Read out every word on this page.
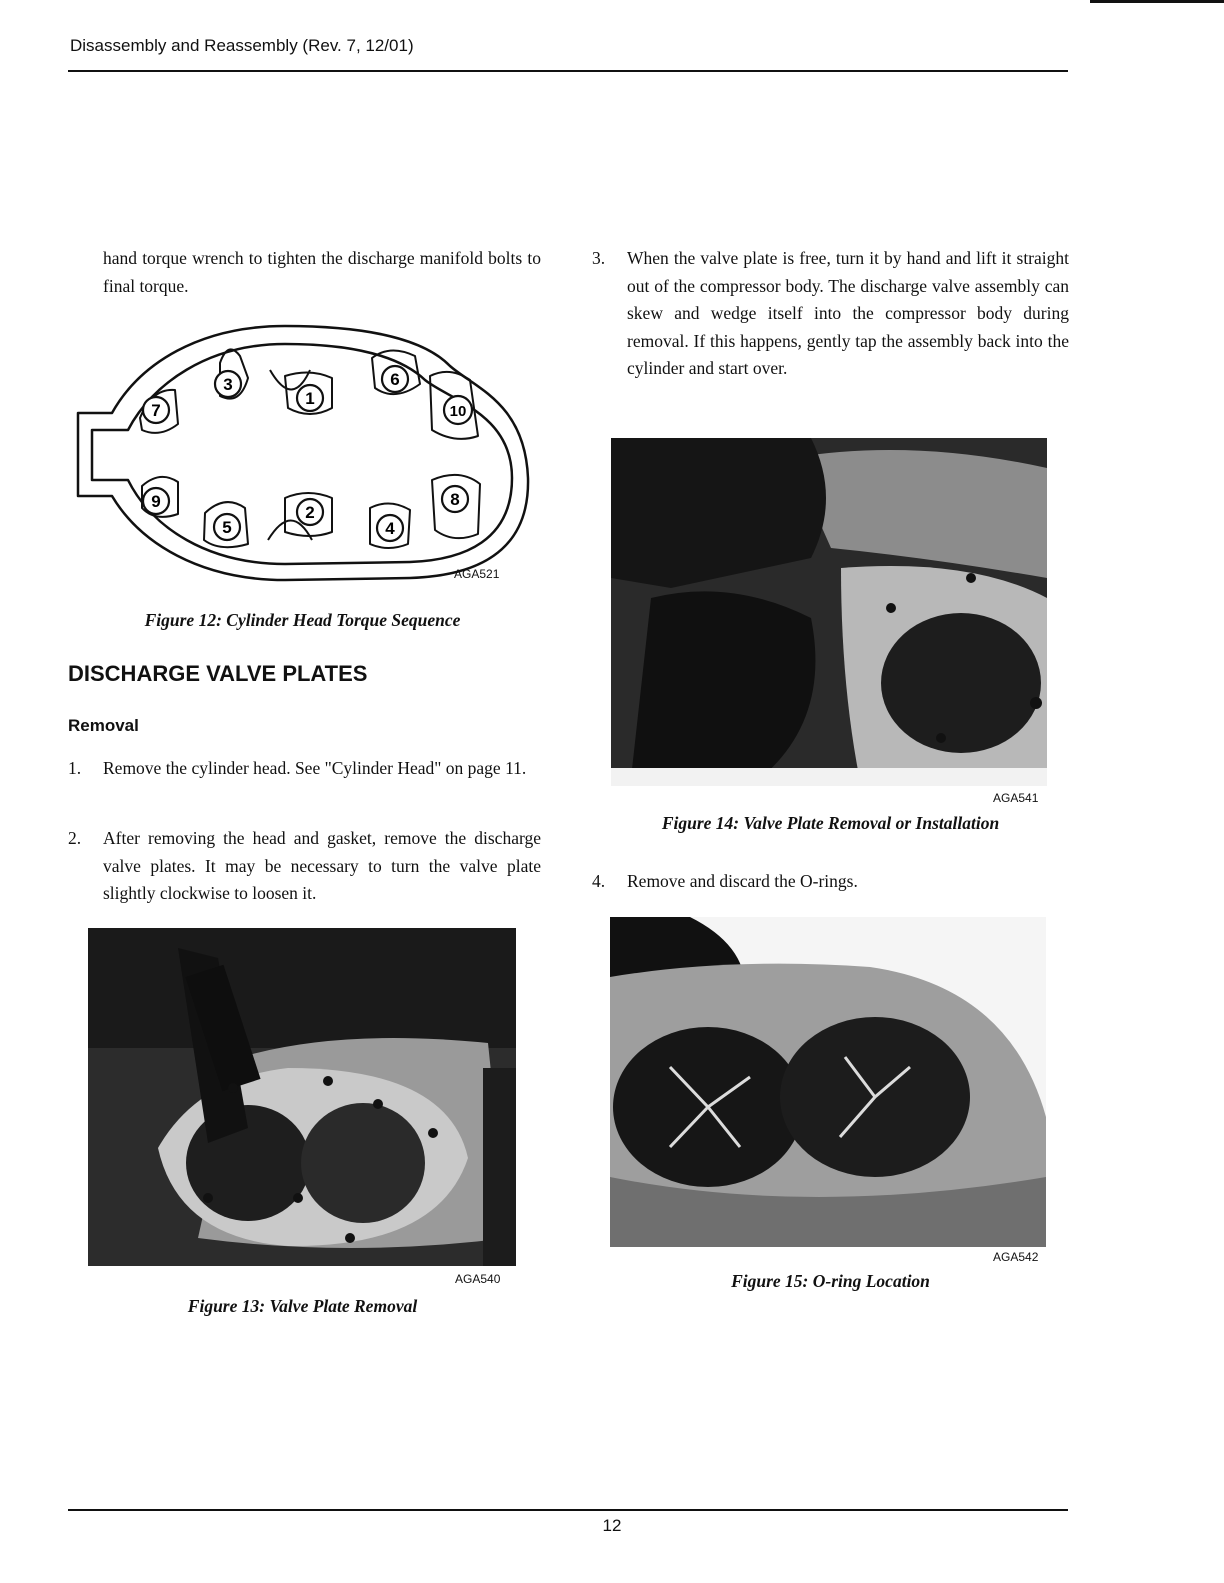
Disassembly and Reassembly (Rev. 7, 12/01)
hand torque wrench to tighten the discharge manifold bolts to final torque.
3
1
6
7	10
9
5
2
4
8
AGA521
Figure 12: Cylinder Head Torque Sequence
DISCHARGE VALVE PLATES
Removal
1.	Remove the cylinder head. See "Cylinder Head" on page 11.
2.	After removing the head and gasket, remove the discharge valve plates. It may be necessary to turn the valve plate slightly clockwise to loosen it.
AGA540
Figure 13: Valve Plate Removal
3.	When the valve plate is free, turn it by hand and lift it straight out of the compressor body. The discharge valve assembly can skew and wedge itself into the compressor body during removal. If this happens, gently tap the assembly back into the cylinder and start over.
AGA541
Figure 14: Valve Plate Removal or Installation
4.	Remove and discard the O-rings.
AGA542
Figure 15: O-ring Location
12
